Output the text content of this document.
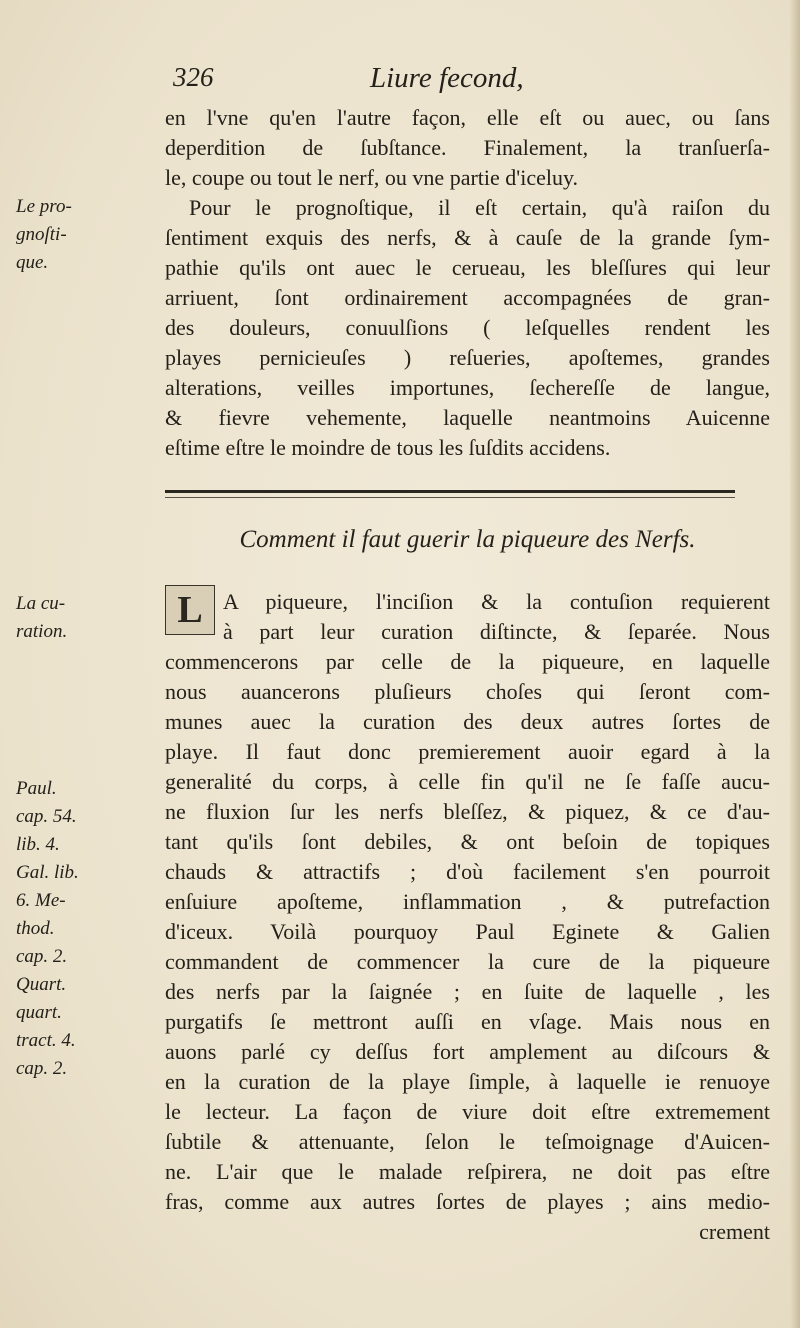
326	Liure fecond,
en l'vne qu'en l'autre façon, elle eſt ou auec, ou ſans
deperdition de ſubſtance. Finalement, la tranſuerſa-
le, coupe ou tout le nerf, ou vne partie d'iceluy.
Pour le prognoſtique, il eſt certain, qu'à raiſon du
ſentiment exquis des nerfs, & à cauſe de la grande ſym-
pathie qu'ils ont auec le cerueau, les bleſſures qui leur
arriuent, ſont ordinairement accompagnées de gran-
des douleurs, conuulſions ( leſquelles rendent les
playes pernicieuſes ) reſueries, apoſtemes, grandes
alterations, veilles importunes, ſechereſſe de langue,
& fievre vehemente, laquelle neantmoins Auicenne
eſtime eſtre le moindre de tous les ſuſdits accidens.
Le pro-
gnoſti-
que.
Comment il faut guerir la piqueure des Nerfs.
L A piqueure, l'inciſion & la contuſion requierent
à part leur curation diſtincte, & ſeparée. Nous
commencerons par celle de la piqueure, en laquelle
nous auancerons pluſieurs choſes qui ſeront com-
munes auec la curation des deux autres ſortes de
playe. Il faut donc premierement auoir egard à la
generalité du corps, à celle fin qu'il ne ſe faſſe aucu-
ne fluxion ſur les nerfs bleſſez, & piquez, & ce d'au-
tant qu'ils ſont debiles, & ont beſoin de topiques
chauds & attractifs ; d'où facilement s'en pourroit
enſuiure apoſteme, inflammation , & putrefaction
d'iceux. Voilà pourquoy Paul Eginete & Galien
commandent de commencer la cure de la piqueure
des nerfs par la ſaignée ; en ſuite de laquelle , les
purgatifs ſe mettront auſſi en vſage. Mais nous en
auons parlé cy deſſus fort amplement au diſcours &
en la curation de la playe ſimple, à laquelle ie renuoye
le lecteur. La façon de viure doit eſtre extremement
ſubtile & attenuante, ſelon le teſmoignage d'Auicen-
ne. L'air que le malade reſpirera, ne doit pas eſtre
fras, comme aux autres ſortes de playes ; ains medio-
crement
La cu-
ration.
Paul.
cap. 54.
lib. 4.
Gal. lib.
6. Me-
thod.
cap. 2.
Quart.
quart.
tract. 4.
cap. 2.
